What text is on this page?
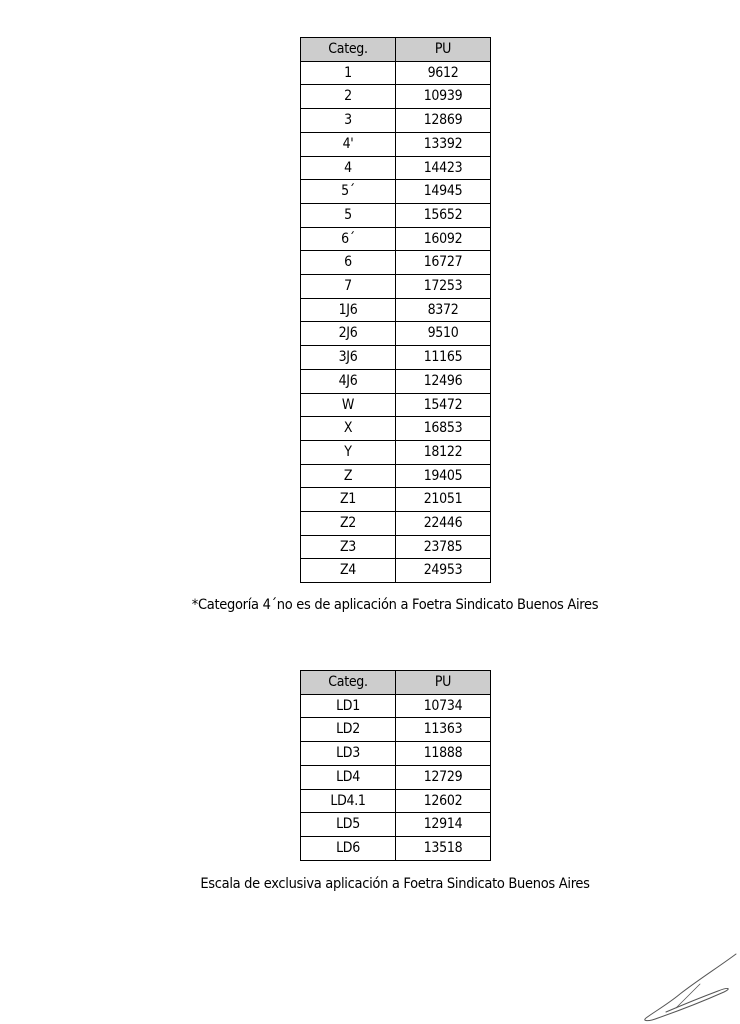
Categ.	PU
1	9612
2	10939
3	12869
4'	13392
4	14423
5´	14945
5	15652
6´	16092
6	16727
7	17253
1J6	8372
2J6	9510
3J6	11165
4J6	12496
W	15472
X	16853
Y	18122
Z	19405
Z1	21051
Z2	22446
Z3	23785
Z4	24953
*Categoría 4´no es de aplicación a Foetra Sindicato Buenos Aires
Categ.	PU
LD1	10734
LD2	11363
LD3	11888
LD4	12729
LD4.1	12602
LD5	12914
LD6	13518
Escala de exclusiva aplicación a Foetra Sindicato Buenos Aires
